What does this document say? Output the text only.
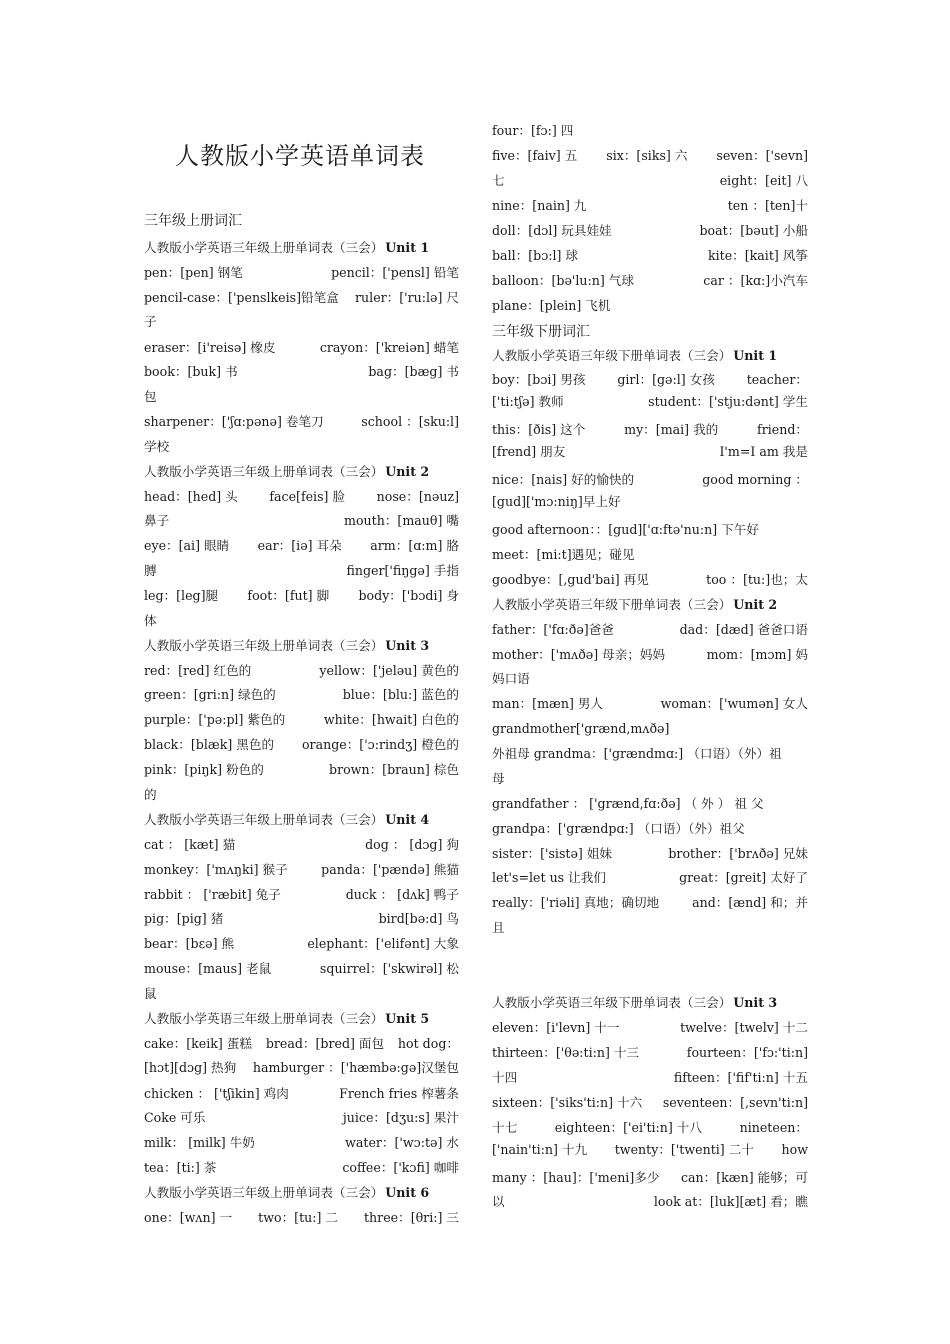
人教版小学英语单词表
三年级上册词汇
人教版小学英语三年级上册单词表（三会） Unit 1
pen：[pen] 钢笔	pencil：['pensl] 铅笔
pencil-case：['penslkeis]铅笔盒 ruler：['ru:lə] 尺
子
eraser：[i'reisə] 橡皮	crayon：['kreiən] 蜡笔
book：[buk] 书	bag：[bæg] 书
包
sharpener：['ʃɑ:pənə] 卷笔刀	school ：[sku:l]
学校
人教版小学英语三年级上册单词表（三会） Unit 2
head：[hed] 头	face[feis] 脸	nose：[nəuz]
鼻子	mouth：[mauθ] 嘴
eye：[ai] 眼睛 ear：[iə] 耳朵 arm：[ɑ:m] 胳
膊	finger['fiŋgə] 手指
leg：[leg]腿 foot：[fut] 脚 body：['bɔdi] 身
体
人教版小学英语三年级上册单词表（三会） Unit 3
red：[red] 红色的	yellow：['jeləu] 黄色的
green：[gri:n] 绿色的	blue：[blu:] 蓝色的
purple：['pə:pl] 紫色的	white：[hwait] 白色的
black：[blæk] 黑色的 orange：['ɔ:rindʒ] 橙色的
pink：[piŋk] 粉色的	brown：[braun] 棕色
的
人教版小学英语三年级上册单词表（三会） Unit 4
cat ： [kæt] 猫	dog ： [dɔg] 狗
monkey：['mʌŋki] 猴子	panda：['pændə] 熊猫
rabbit ： ['ræbit] 兔子	duck ： [dʌk] 鸭子
pig：[pig] 猪	bird[bə:d] 鸟
bear：[bεə] 熊	elephant：['elifənt] 大象
mouse：[maus] 老鼠	squirrel：['skwirəl] 松
鼠
人教版小学英语三年级上册单词表（三会） Unit 5
cake：[keik] 蛋糕 bread：[bred] 面包 hot dog：
[hɔt][dɔg] 热狗 hamburger ：['hæmbə:gə]汉堡包
chicken ： ['tʃikin] 鸡肉	French fries 榨薯条
Coke 可乐	juice：[dʒu:s] 果汁
milk： [milk] 牛奶	water：['wɔ:tə] 水
tea：[ti:] 茶	coffee：['kɔfi] 咖啡
人教版小学英语三年级上册单词表（三会） Unit 6
one：[wʌn] 一 two：[tu:] 二 three：[θri:] 三
三年级下册词汇
four：[fɔ:] 四
five：[faiv] 五 six：[siks] 六 seven：['sevn]
七	eight：[eit] 八
nine：[nain] 九	ten ：[ten]十
doll：[dɔl] 玩具娃娃	boat：[bəut] 小船
ball：[bɔ:l] 球	kite：[kait] 风筝
balloon：[bə'lu:n] 气球	car ：[kɑ:]小汽车
plane：[plein] 飞机
人教版小学英语三年级下册单词表（三会） Unit 1
boy：[bɔi] 男孩	girl：[gə:l] 女孩	teacher：
['ti:tʃə] 教师	student：['stju:dənt] 学生
this：[ðis] 这个	my：[mai] 我的	friend：
[frend] 朋友	I'm=I am 我是
nice：[nais] 好的愉快的	good morning ：
[gud]['mɔ:niŋ]早上好
good afternoon：：[gud]['ɑ:ftə'nu:n] 下午好
meet：[mi:t]遇见；碰见
goodbye：[,gud'bai] 再见	too ：[tu:]也；太
人教版小学英语三年级下册单词表（三会） Unit 2
father：['fɑ:ðə]爸爸	dad：[dæd] 爸爸口语
mother：['mʌðə] 母亲；妈妈	mom：[mɔm] 妈
妈口语
man：[mæn] 男人	woman：['wumən] 女人
grandmother['grænd,mʌðə]
外祖母 grandma：['grændmɑ:] （口语）（外）祖
母
grandfather ： ['grænd,fɑ:ðə] （ 外 ） 祖 父
grandpa：['grændpɑ:] （口语）（外）祖父
sister：['sistə] 姐妹	brother：['brʌðə] 兄妹
let's=let us 让我们	great：[greit] 太好了
really：['riəli] 真地；确切地	and：[ænd] 和；并
且
人教版小学英语三年级下册单词表（三会） Unit 3
eleven：[i'levn] 十一	twelve：[twelv] 十二
thirteen：['θə:ti:n] 十三	fourteen：['fɔ:'ti:n]
十四	fifteen：['fif'ti:n] 十五
sixteen：['siks'ti:n] 十六 seventeen：[,sevn'ti:n]
十七	eighteen：['ei'ti:n] 十八	nineteen：
['nain'ti:n] 十九 twenty：['twenti] 二十 how
many ：[hau]：['meni]多少 can：[kæn] 能够；可
以	look at：[luk][æt] 看；瞧
